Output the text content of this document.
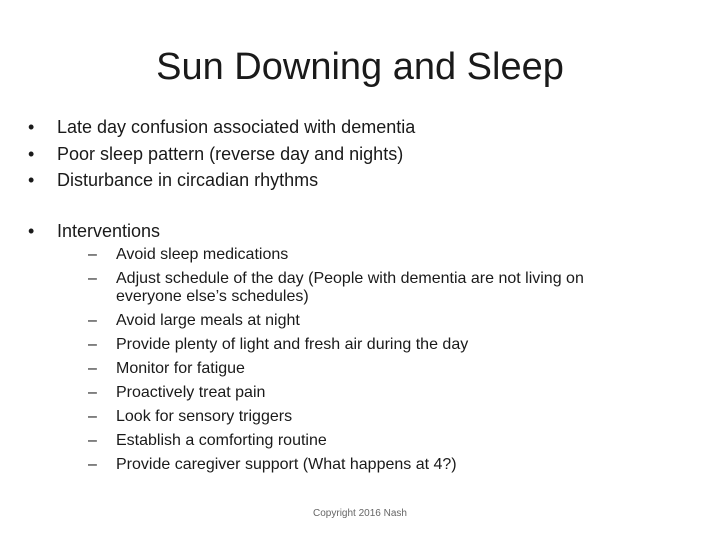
Sun Downing and Sleep
•	Late day confusion associated with dementia
•	Poor sleep pattern (reverse day and nights)
•	Disturbance in circadian rhythms
•	Interventions
–	Avoid sleep medications
–	Adjust schedule of the day (People with dementia are not living on everyone else’s schedules)
–	Avoid large meals at night
–	Provide plenty of light and fresh air during the day
–	Monitor for fatigue
–	Proactively treat pain
–	Look for sensory triggers
–	Establish a comforting routine
–	Provide caregiver support (What happens at 4?)
Copyright 2016 Nash
